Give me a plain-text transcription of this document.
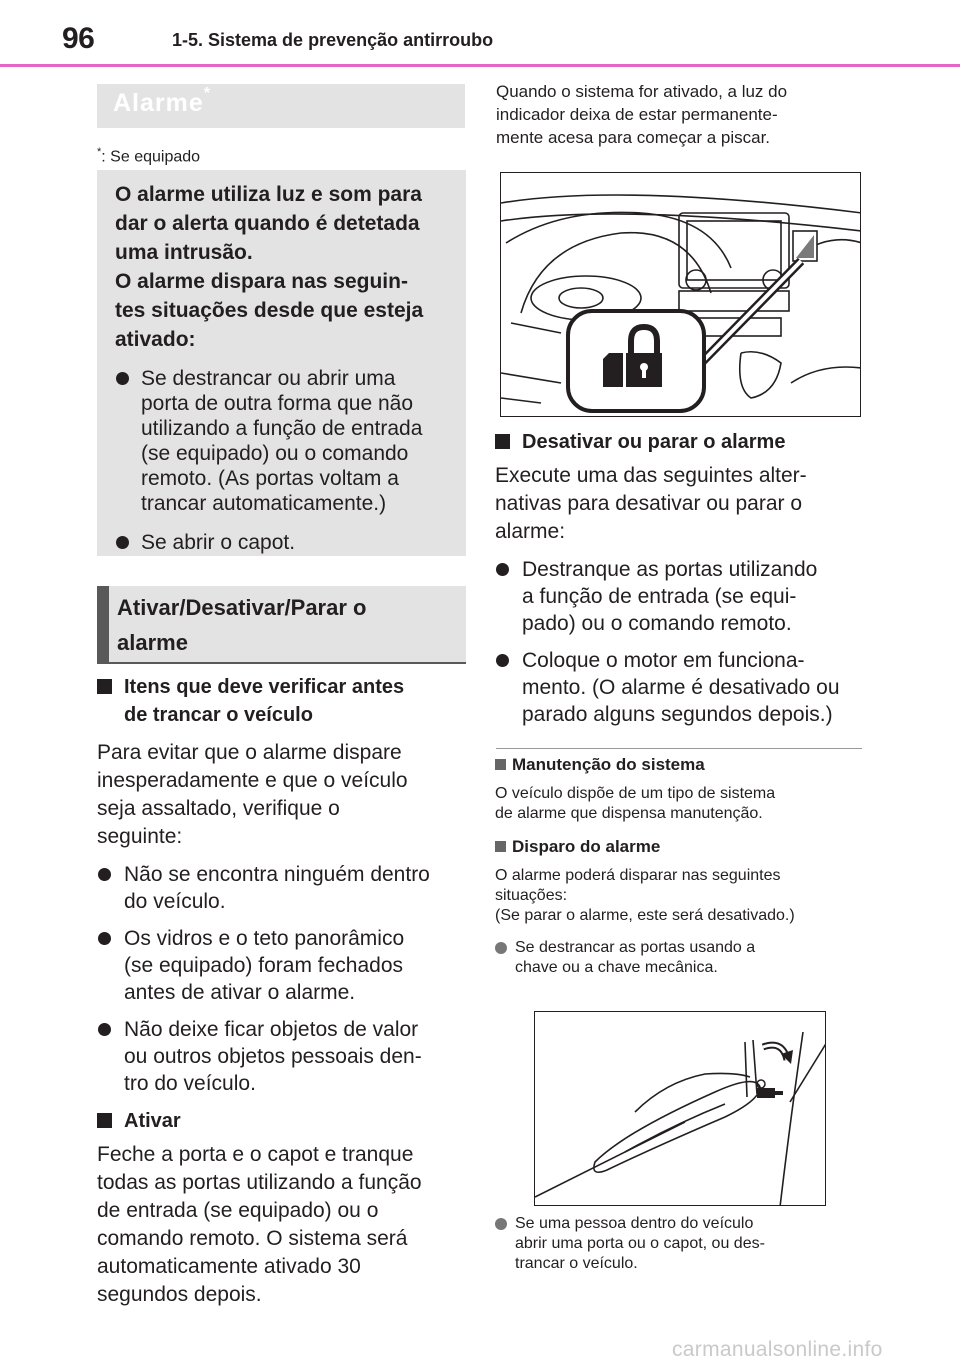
96	1-5. Sistema de prevenção antirroubo
Alarme*
*: Se equipado
O alarme utiliza luz e som para
dar o alerta quando é detetada
uma intrusão.
O alarme dispara nas seguin-
tes situações desde que esteja
ativado:
Se destrancar ou abrir uma
porta de outra forma que não
utilizando a função de entrada
(se equipado) ou o comando
remoto. (As portas voltam a
trancar automaticamente.)
Se abrir o capot.
Ativar/Desativar/Parar o
alarme
Itens que deve verificar antes
de trancar o veículo
Para evitar que o alarme dispare
inesperadamente e que o veículo
seja assaltado, verifique o
seguinte:
Não se encontra ninguém dentro
do veículo.
Os vidros e o teto panorâmico
(se equipado) foram fechados
antes de ativar o alarme.
Não deixe ficar objetos de valor
ou outros objetos pessoais den-
tro do veículo.
Ativar
Feche a porta e o capot e tranque
todas as portas utilizando a função
de entrada (se equipado) ou o
comando remoto. O sistema será
automaticamente ativado 30
segundos depois.
Quando o sistema for ativado, a luz do
indicador deixa de estar permanente-
mente acesa para começar a piscar.
Desativar ou parar o alarme
Execute uma das seguintes alter-
nativas para desativar ou parar o
alarme:
Destranque as portas utilizando
a função de entrada (se equi-
pado) ou o comando remoto.
Coloque o motor em funciona-
mento. (O alarme é desativado ou
parado alguns segundos depois.)
Manutenção do sistema
O veículo dispõe de um tipo de sistema
de alarme que dispensa manutenção.
Disparo do alarme
O alarme poderá disparar nas seguintes
situações:
(Se parar o alarme, este será desativado.)
Se destrancar as portas usando a
chave ou a chave mecânica.
Se uma pessoa dentro do veículo
abrir uma porta ou o capot, ou des-
trancar o veículo.
carmanualsonline.info
